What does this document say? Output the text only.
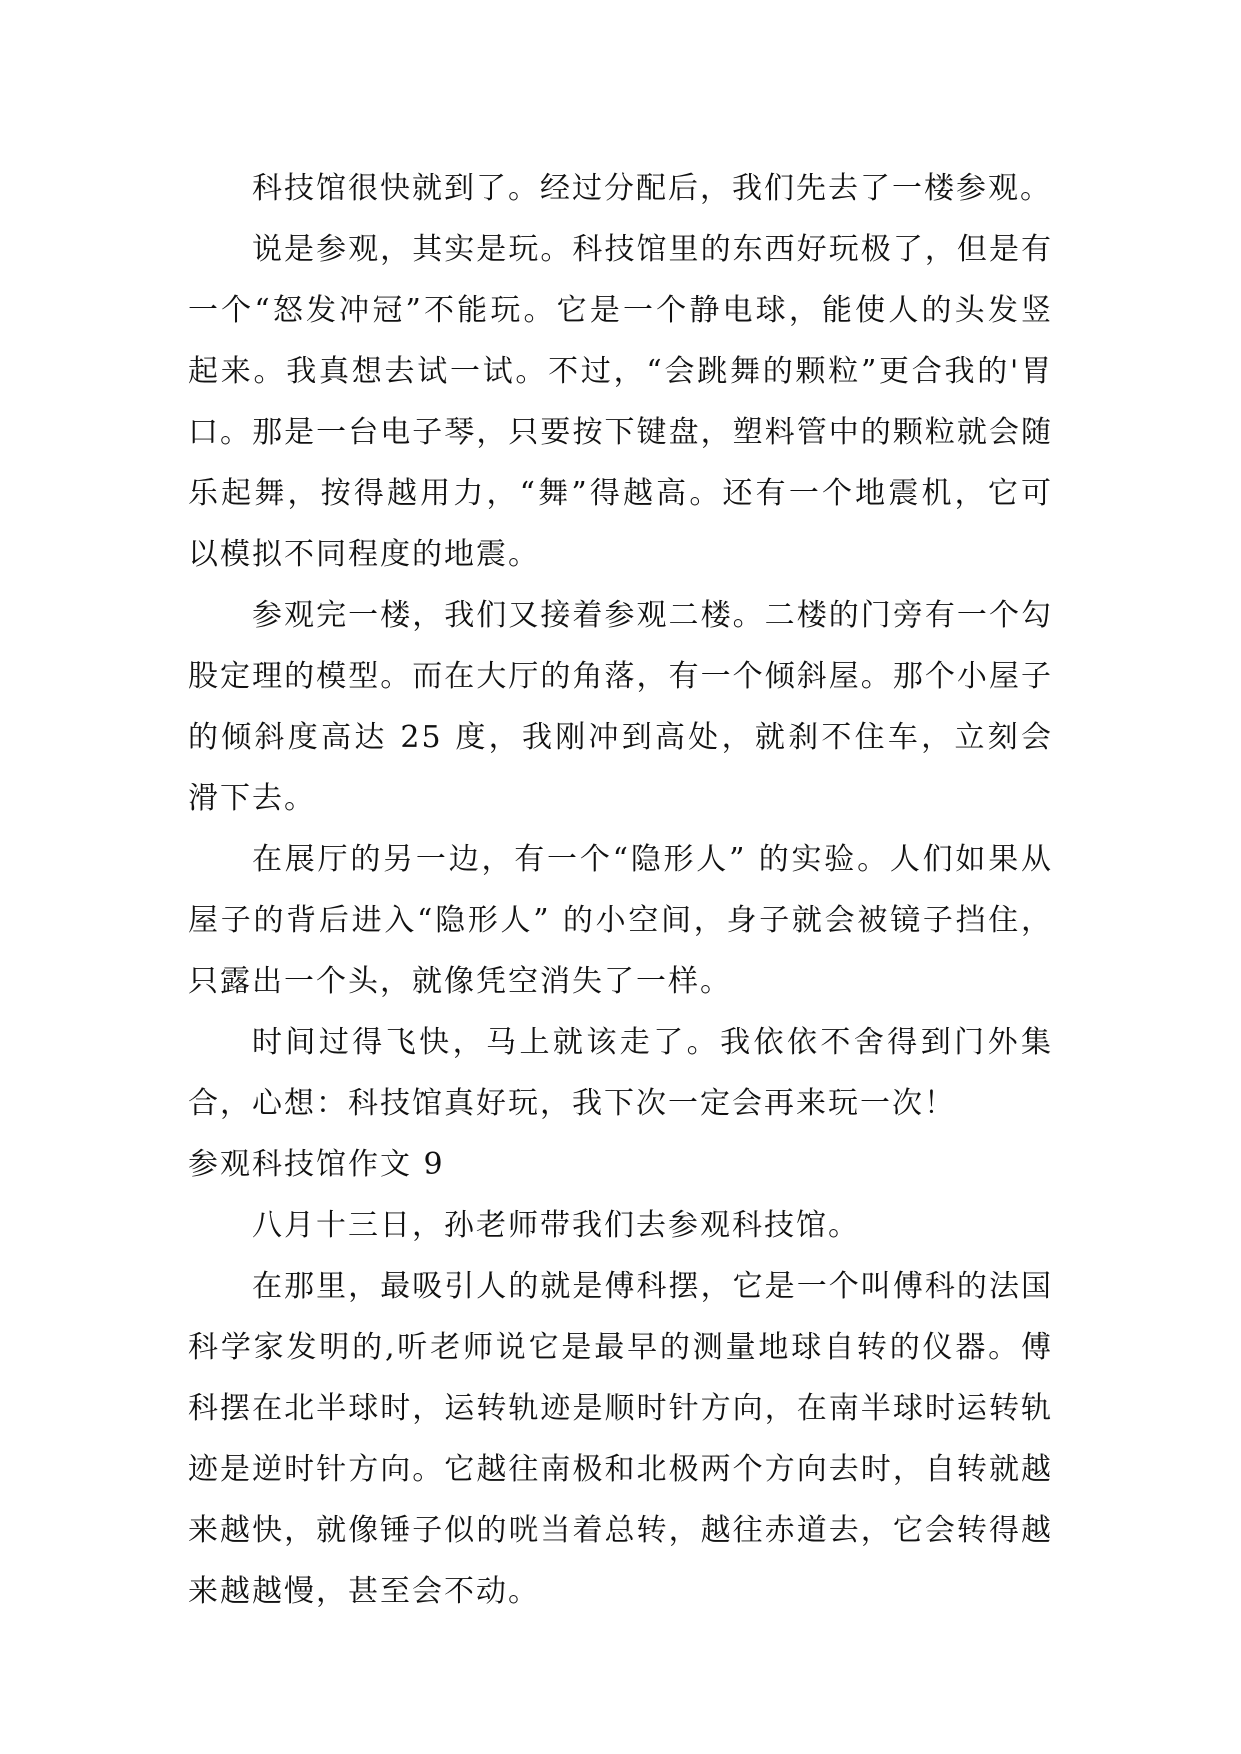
科技馆很快就到了。经过分配后，我们先去了一楼参观。

说是参观，其实是玩。科技馆里的东西好玩极了，但是有一个“怒发冲冠”不能玩。它是一个静电球，能使人的头发竖起来。我真想去试一试。不过，“会跳舞的颗粒”更合我的'胃口。那是一台电子琴，只要按下键盘，塑料管中的颗粒就会随乐起舞，按得越用力，“舞”得越高。还有一个地震机，它可以模拟不同程度的地震。

参观完一楼，我们又接着参观二楼。二楼的门旁有一个勾股定理的模型。而在大厅的角落，有一个倾斜屋。那个小屋子的倾斜度高达 25 度，我刚冲到高处，就刹不住车，立刻会滑下去。

在展厅的另一边，有一个“隐形人” 的实验。人们如果从屋子的背后进入“隐形人” 的小空间，身子就会被镜子挡住，只露出一个头，就像凭空消失了一样。

时间过得飞快，马上就该走了。我依依不舍得到门外集合，心想：科技馆真好玩，我下次一定会再来玩一次！

参观科技馆作文 9

八月十三日，孙老师带我们去参观科技馆。

在那里，最吸引人的就是傅科摆，它是一个叫傅科的法国科学家发明的,听老师说它是最早的测量地球自转的仪器。傅科摆在北半球时，运转轨迹是顺时针方向，在南半球时运转轨迹是逆时针方向。它越往南极和北极两个方向去时，自转就越来越快，就像锤子似的咣当着总转，越往赤道去，它会转得越来越越慢，甚至会不动。
